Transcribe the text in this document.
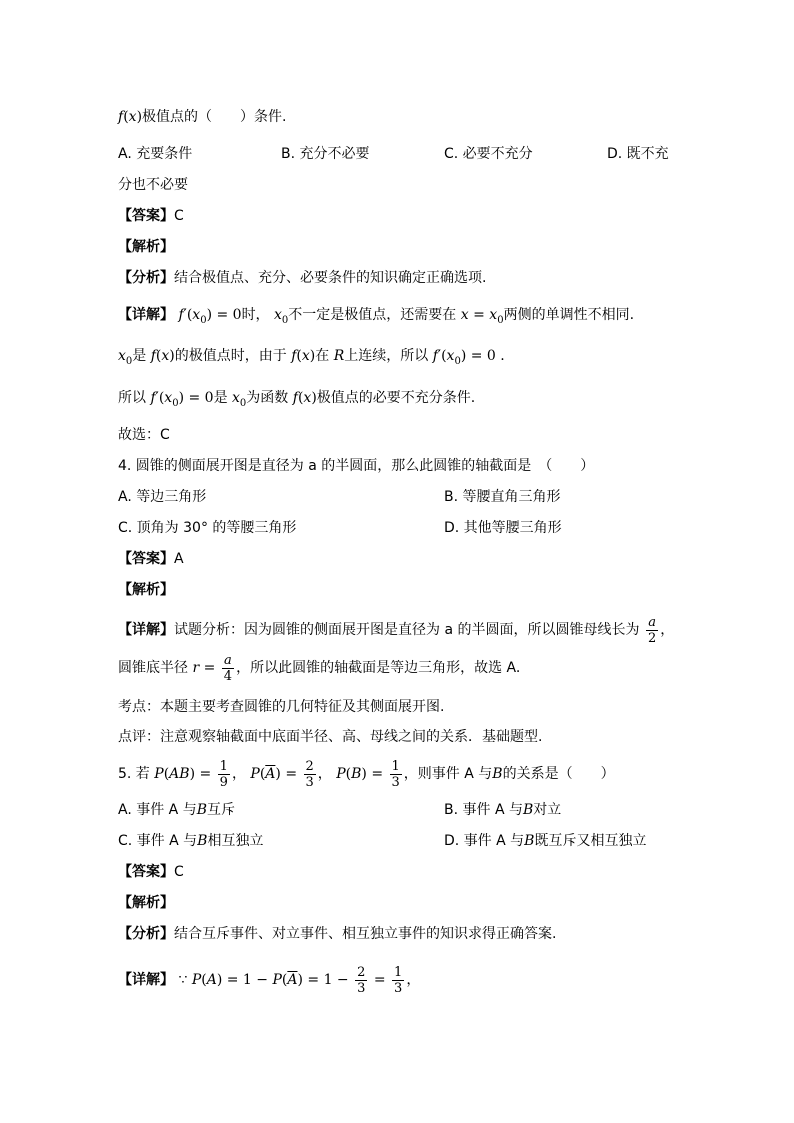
f(x)极值点的（　　）条件.
A. 充要条件	B. 充分不必要	C. 必要不充分	D. 既不充
分也不必要
【答案】C
【解析】
【分析】结合极值点、充分、必要条件的知识确定正确选项.
【详解】 $f'(x_0) = 0$时， $x_0$不一定是极值点，还需要在 $x = x_0$两侧的单调性不相同.
$x_0$是 f(x)的极值点时，由于 f(x)在 R上连续，所以 $f'(x_0) = 0$ .
所以 $f'(x_0) = 0$是 $x_0$为函数 f(x)极值点的必要不充分条件.
故选：C
4. 圆锥的侧面展开图是直径为 a 的半圆面，那么此圆锥的轴截面是　（　　）
A. 等边三角形	B. 等腰直角三角形
C. 顶角为 30° 的等腰三角形	D. 其他等腰三角形
【答案】A
【解析】
【详解】试题分析：因为圆锥的侧面展开图是直径为 a 的半圆面，所以圆锥母线长为 $\frac{a}{2}$ ，
圆锥底半径 $r = \frac{a}{4}$ ，所以此圆锥的轴截面是等边三角形，故选 A.
考点：本题主要考查圆锥的几何特征及其侧面展开图.
点评：注意观察轴截面中底面半径、高、母线之间的关系．基础题型.
5. 若 $P(AB) = \frac{1}{9}$ ， $P(\overline{A}) = \frac{2}{3}$ ， $P(B) = \frac{1}{3}$ ，则事件 A 与B的关系是（　　）
A. 事件 A 与B互斥	B. 事件 A 与B对立
C. 事件 A 与B相互独立	D. 事件 A 与B既互斥又相互独立
【答案】C
【解析】
【分析】结合互斥事件、对立事件、相互独立事件的知识求得正确答案.
【详解】 ∵ $P(A) = 1 - P(\overline{A}) = 1 - \frac{2}{3} = \frac{1}{3}$ ，
